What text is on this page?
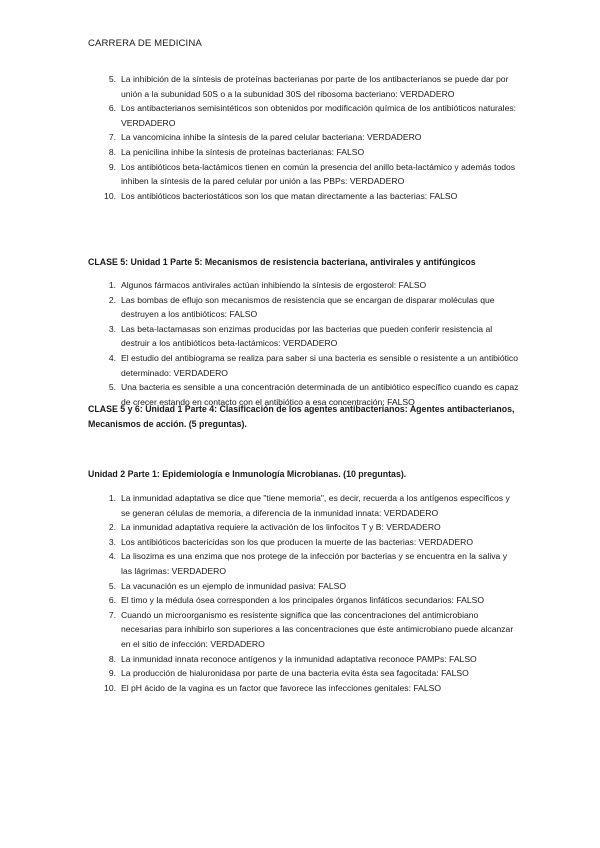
CARRERA DE MEDICINA
5. La inhibición de la síntesis de proteínas bacterianas por parte de los antibacterianos se puede dar por unión a la subunidad 50S o a la subunidad 30S del ribosoma bacteriano: VERDADERO
6. Los antibacterianos semisintéticos son obtenidos por modificación química de los antibióticos naturales: VERDADERO
7. La vancomicina inhibe la síntesis de la pared celular bacteriana: VERDADERO
8. La penicilina inhibe la síntesis de proteínas bacterianas: FALSO
9. Los antibióticos beta-lactámicos tienen en común la presencia del anillo beta-lactámico y además todos inhiben la síntesis de la pared celular por unión a las PBPs: VERDADERO
10. Los antibióticos bacteriostáticos son los que matan directamente a las bacterias: FALSO
CLASE 5: Unidad 1 Parte 5: Mecanismos de resistencia bacteriana, antivirales y antifúngicos
1. Algunos fármacos antivirales actúan inhibiendo la síntesis de ergosterol: FALSO
2. Las bombas de eflujo son mecanismos de resistencia que se encargan de disparar moléculas que destruyen a los antibióticos: FALSO
3. Las beta-lactamasas son enzimas producidas por las bacterias que pueden conferir resistencia al destruir a los antibióticos beta-lactámicos: VERDADERO
4. El estudio del antibiograma se realiza para saber si una bacteria es sensible o resistente a un antibiótico determinado: VERDADERO
5. Una bacteria es sensible a una concentración determinada de un antibiótico específico cuando es capaz de crecer estando en contacto con el antibiótico a esa concentración: FALSO
CLASE 5 y 6: Unidad 1 Parte 4: Clasificación de los agentes antibacterianos: Agentes antibacterianos, Mecanismos de acción. (5 preguntas).
Unidad 2 Parte 1: Epidemiología e Inmunología Microbianas. (10 preguntas).
1. La inmunidad adaptativa se dice que "tiene memoria", es decir, recuerda a los antígenos específicos y se generan células de memoria, a diferencia de la inmunidad innata: VERDADERO
2. La inmunidad adaptativa requiere la activación de los linfocitos T y B: VERDADERO
3. Los antibióticos bactericidas son los que producen la muerte de las bacterias: VERDADERO
4. La lisozima es una enzima que nos protege de la infección por bacterias y se encuentra en la saliva y las lágrimas: VERDADERO
5. La vacunación es un ejemplo de inmunidad pasiva: FALSO
6. El timo y la médula ósea corresponden a los principales órganos linfáticos secundarios: FALSO
7. Cuando un microorganismo es resistente significa que las concentraciones del antimicrobiano necesarias para inhibirlo son superiores a las concentraciones que éste antimicrobiano puede alcanzar en el sitio de infección: VERDADERO
8. La inmunidad innata reconoce antígenos y la inmunidad adaptativa reconoce PAMPs: FALSO
9. La producción de hialuronidasa por parte de una bacteria evita ésta sea fagocitada: FALSO
10. El pH ácido de la vagina es un factor que favorece las infecciones genitales: FALSO
